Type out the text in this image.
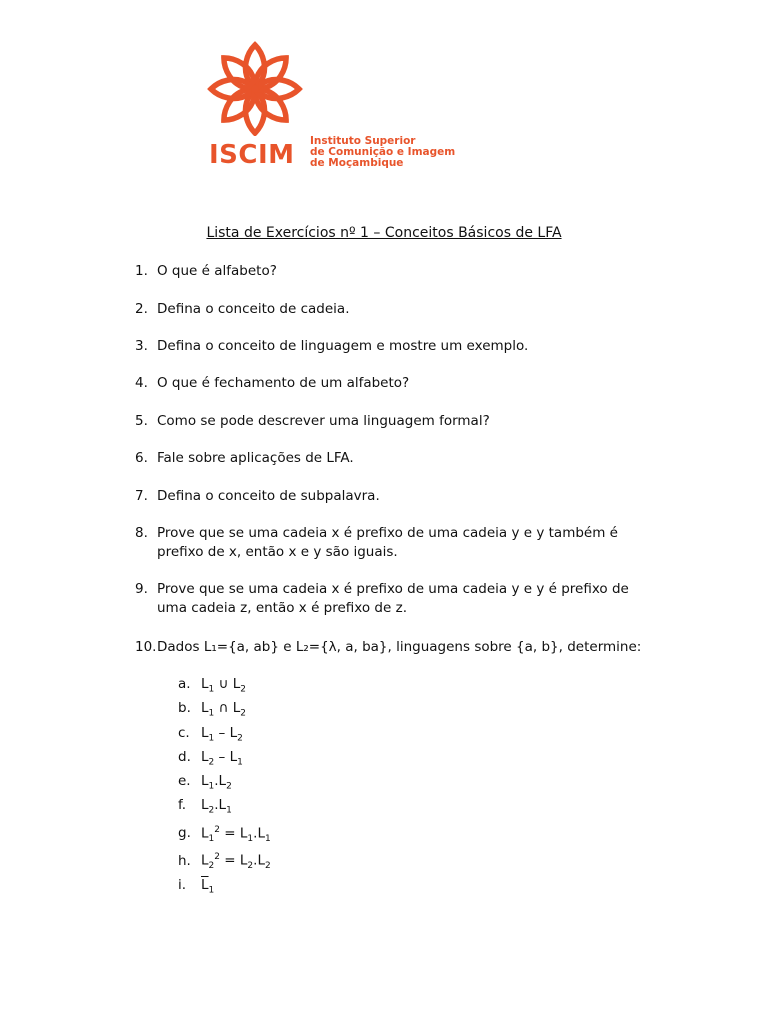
ISCIM Instituto Superior
de Comunição e Imagem
de Moçambique
Lista de Exercícios nº 1 – Conceitos Básicos de LFA
1. O que é alfabeto?
2. Defina o conceito de cadeia.
3. Defina o conceito de linguagem e mostre um exemplo.
4. O que é fechamento de um alfabeto?
5. Como se pode descrever uma linguagem formal?
6. Fale sobre aplicações de LFA.
7. Defina o conceito de subpalavra.
8. Prove que se uma cadeia x é prefixo de uma cadeia y e y também é prefixo de x, então x e y são iguais.
9. Prove que se uma cadeia x é prefixo de uma cadeia y e y é prefixo de uma cadeia z, então x é prefixo de z.
10.Dados L₁={a, ab} e L₂={λ, a, ba}, linguagens sobre {a, b}, determine:
a. $L_1$ ∪ $L_2$
b. $L_1$ ∩ $L_2$
c. $L_1 - L_2$
d. $L_2 - L_1$
e. $L_1.L_2$
f. $L_2.L_1$
g. $L_1^2 = L_1.L_1$
h. $L_2^2 = L_2.L_2$
i. $\overline{L}_1$
